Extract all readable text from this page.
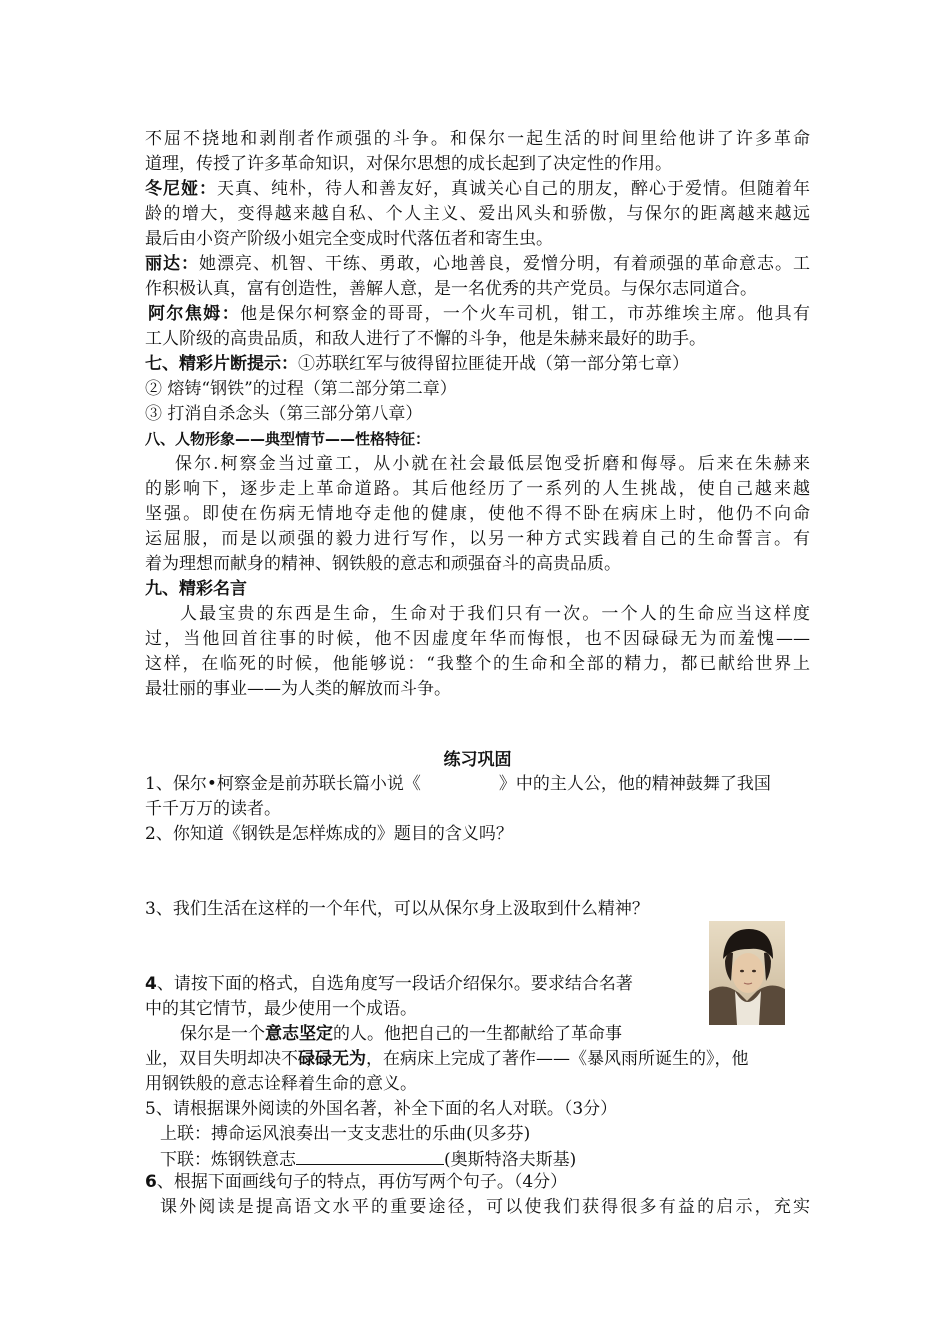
不屈不挠地和剥削者作顽强的斗争。和保尔一起生活的时间里给他讲了许多革命
道理，传授了许多革命知识，对保尔思想的成长起到了决定性的作用。
冬尼娅：天真、纯朴，待人和善友好，真诚关心自己的朋友，醉心于爱情。但随着年
龄的增大，变得越来越自私、个人主义、爱出风头和骄傲，与保尔的距离越来越远
最后由小资产阶级小姐完全变成时代落伍者和寄生虫。
丽达：她漂亮、机智、干练、勇敢，心地善良，爱憎分明，有着顽强的革命意志。工
作积极认真，富有创造性，善解人意，是一名优秀的共产党员。与保尔志同道合。
阿尔焦姆：他是保尔柯察金的哥哥，一个火车司机，钳工，市苏维埃主席。他具有
工人阶级的高贵品质，和敌人进行了不懈的斗争，他是朱赫来最好的助手。
七、精彩片断提示：①苏联红军与彼得留拉匪徒开战（第一部分第七章）
② 熔铸“钢铁”的过程（第二部分第二章）
③ 打消自杀念头（第三部分第八章）
八、人物形象——典型情节——性格特征：
保尔.柯察金当过童工，从小就在社会最低层饱受折磨和侮辱。后来在朱赫来
的影响下，逐步走上革命道路。其后他经历了一系列的人生挑战，使自己越来越
坚强。即使在伤病无情地夺走他的健康，使他不得不卧在病床上时，他仍不向命
运屈服，而是以顽强的毅力进行写作，以另一种方式实践着自己的生命誓言。有
着为理想而献身的精神、钢铁般的意志和顽强奋斗的高贵品质。
九、精彩名言
人最宝贵的东西是生命，生命对于我们只有一次。一个人的生命应当这样度
过，当他回首往事的时候，他不因虚度年华而悔恨，也不因碌碌无为而羞愧——
这样，在临死的时候，他能够说：“我整个的生命和全部的精力，都已献给世界上
最壮丽的事业——为人类的解放而斗争。
练习巩固
1、保尔•柯察金是前苏联长篇小说《	》中的主人公，他的精神鼓舞了我国
千千万万的读者。
2、你知道《钢铁是怎样炼成的》题目的含义吗？
3、我们生活在这样的一个年代，可以从保尔身上汲取到什么精神？
4、请按下面的格式，自选角度写一段话介绍保尔。要求结合名著
中的其它情节，最少使用一个成语。
保尔是一个意志坚定的人。他把自己的一生都献给了革命事
业，双目失明却决不碌碌无为，在病床上完成了著作——《暴风雨所诞生的》，他
用钢铁般的意志诠释着生命的意义。
5、请根据课外阅读的外国名著，补全下面的名人对联。（3分）
上联：搏命运风浪奏出一支支悲壮的乐曲(贝多芬)
下联：炼钢铁意志	(奥斯特洛夫斯基)
6、根据下面画线句子的特点，再仿写两个句子。（4分）
课外阅读是提高语文水平的重要途径，可以使我们获得很多有益的启示，充实
